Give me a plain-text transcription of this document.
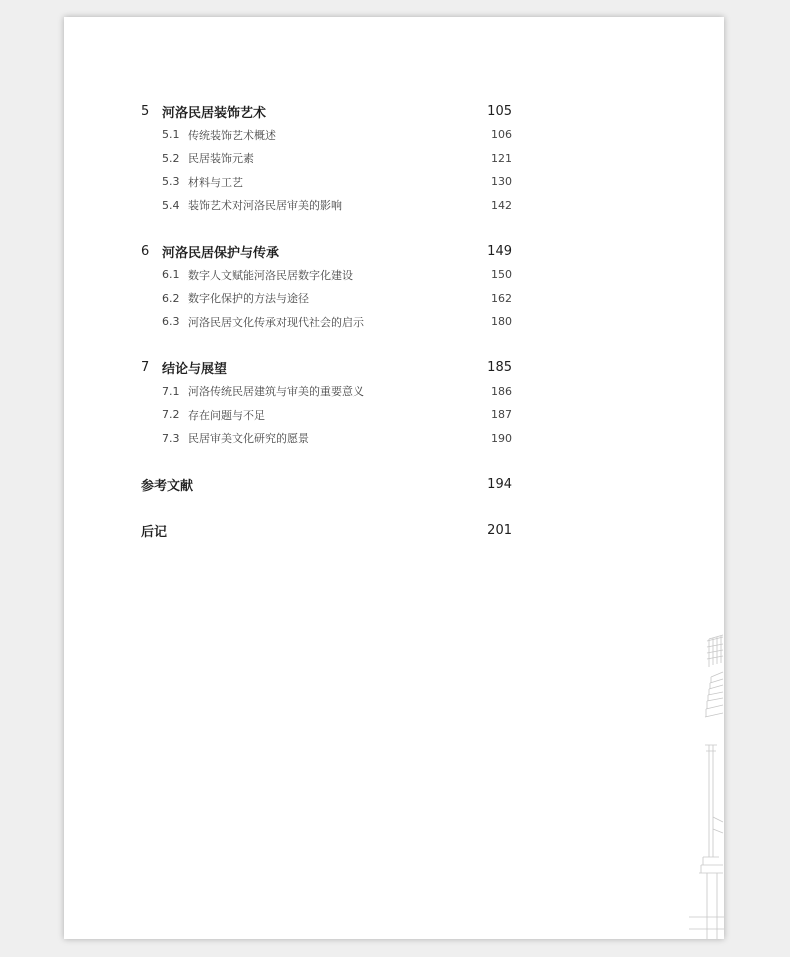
5 河洛民居装饰艺术	105
5.1 传统装饰艺术概述	106
5.2 民居装饰元素	121
5.3 材料与工艺	130
5.4 装饰艺术对河洛民居审美的影响	142
6 河洛民居保护与传承	149
6.1 数字人文赋能河洛民居数字化建设	150
6.2 数字化保护的方法与途径	162
6.3 河洛民居文化传承对现代社会的启示	180
7 结论与展望	185
7.1 河洛传统民居建筑与审美的重要意义	186
7.2 存在问题与不足	187
7.3 民居审美文化研究的愿景	190
参考文献	194
后记	201
